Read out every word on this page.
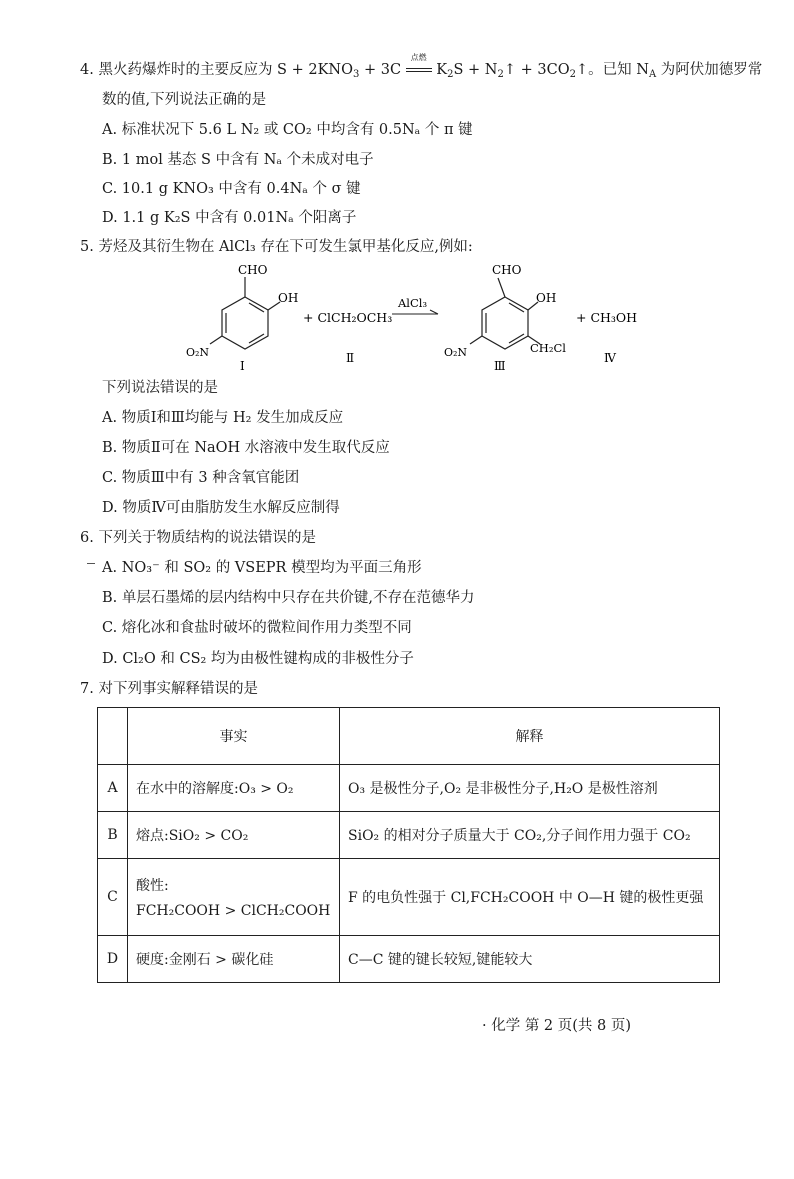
4. 黑火药爆炸时的主要反应为 $S + 2KNO_3 + 3C$
点燃
$K_2S$ + $N_2↑$ + $3CO_2↑$。已知 $N_A$ 为阿伏加德罗常
数的值,下列说法正确的是
A. 标准状况下 5.6 L N₂ 或 CO₂ 中均含有 0.5Nₐ 个 π 键
B. 1 mol 基态 S 中含有 Nₐ 个未成对电子
C. 10.1 g KNO₃ 中含有 0.4Nₐ 个 σ 键
D. 1.1 g K₂S 中含有 0.01Nₐ 个阳离子
5. 芳烃及其衍生物在 AlCl₃ 存在下可发生氯甲基化反应,例如:
CHO
OH
O₂N
Ⅰ
+ ClCH₂OCH₃
Ⅱ
AlCl₃
CHO
OH
CH₂Cl
O₂N
Ⅲ
+ CH₃OH
Ⅳ
下列说法错误的是
A. 物质Ⅰ和Ⅲ均能与 H₂ 发生加成反应
B. 物质Ⅱ可在 NaOH 水溶液中发生取代反应
C. 物质Ⅲ中有 3 种含氧官能团
D. 物质Ⅳ可由脂肪发生水解反应制得
6. 下列关于物质结构的说法错误的是
A. NO₃⁻ 和 SO₂ 的 VSEPR 模型均为平面三角形
B. 单层石墨烯的层内结构中只存在共价键,不存在范德华力
C. 熔化冰和食盐时破坏的微粒间作用力类型不同
D. Cl₂O 和 CS₂ 均为由极性键构成的非极性分子
7. 对下列事实解释错误的是
	事实	解释
A	在水中的溶解度:O₃ > O₂	O₃ 是极性分子,O₂ 是非极性分子,H₂O 是极性溶剂
B	熔点:SiO₂ > CO₂	SiO₂ 的相对分子质量大于 CO₂,分子间作用力强于 CO₂
C	酸性:
FCH₂COOH > ClCH₂COOH	F 的电负性强于 Cl,FCH₂COOH 中 O—H 键的极性更强
D	硬度:金刚石 > 碳化硅	C—C 键的键长较短,键能较大
· 化学 第 2 页(共 8 页)
